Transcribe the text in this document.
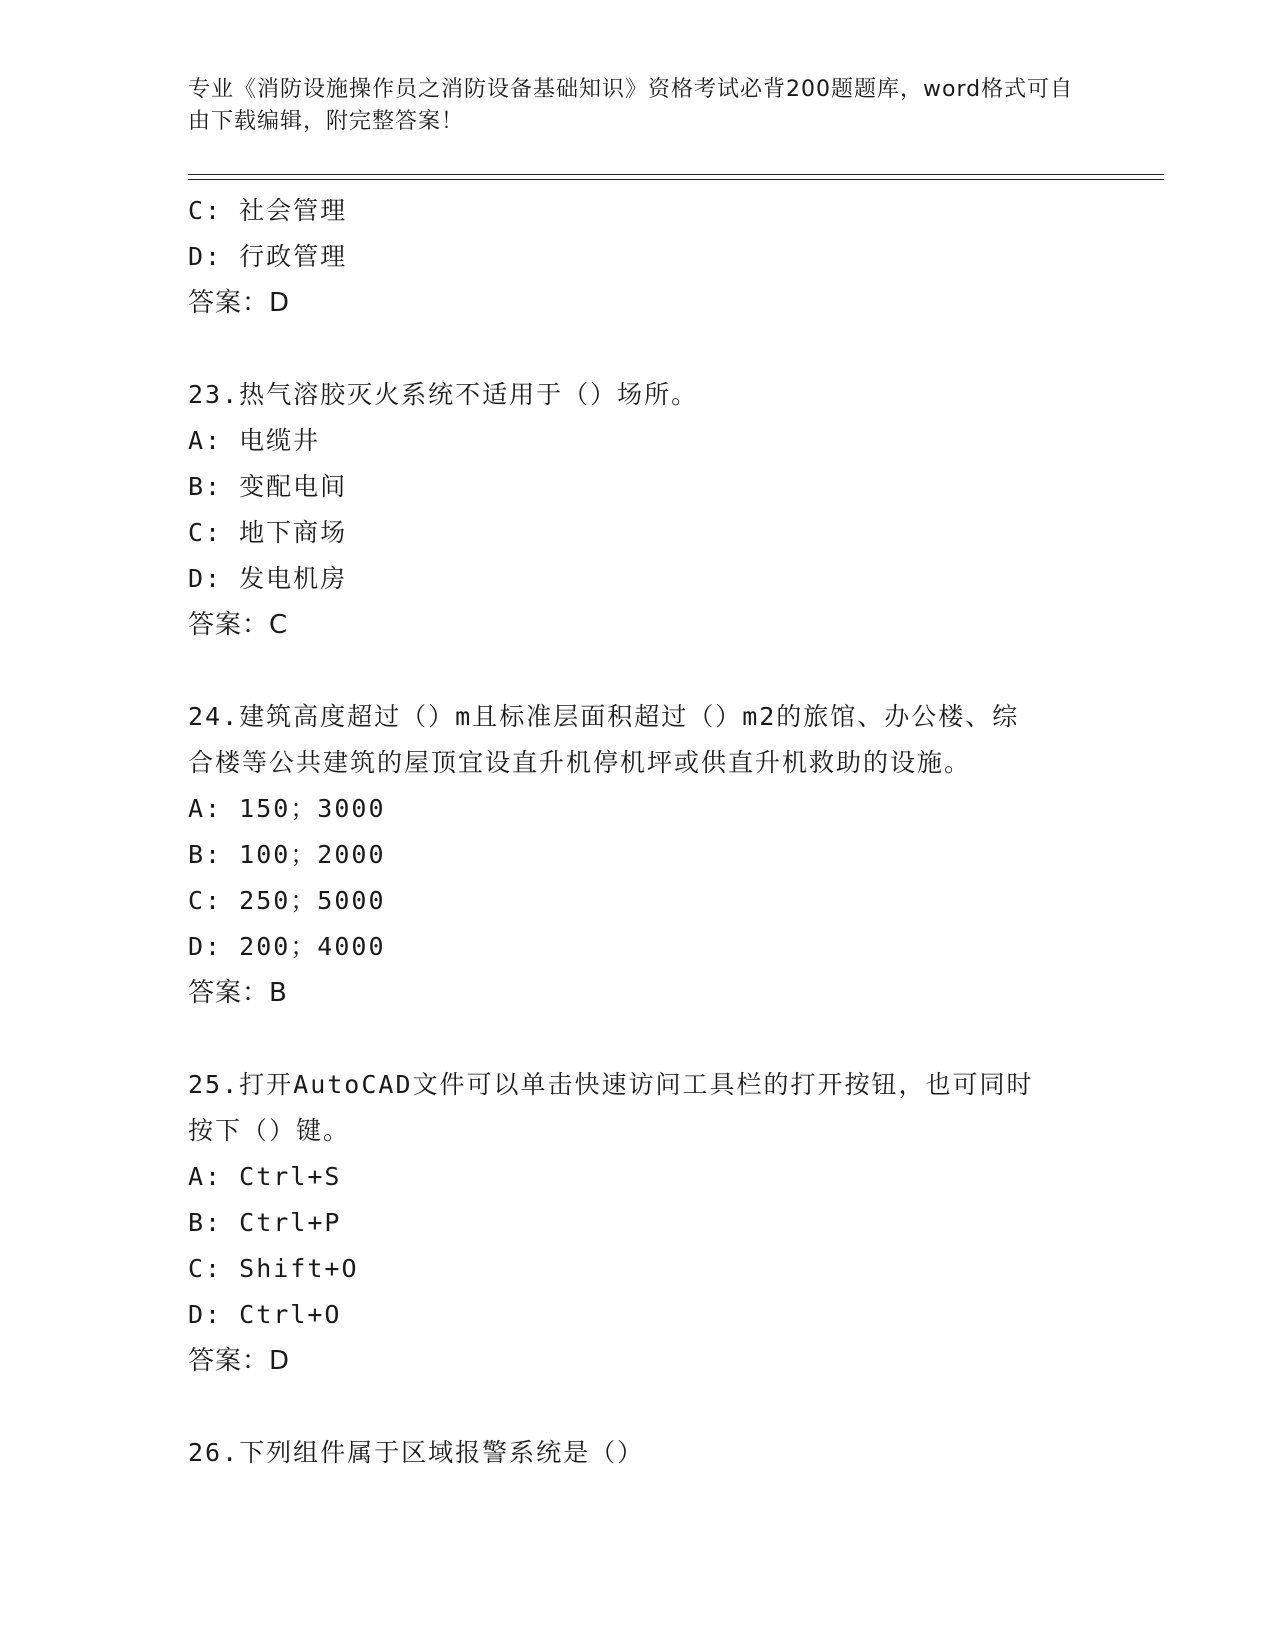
专业《消防设施操作员之消防设备基础知识》资格考试必背200题题库，word格式可自由下载编辑，附完整答案！
C: 社会管理
D: 行政管理
答案：D
23.热气溶胶灭火系统不适用于（）场所。
A: 电缆井
B: 变配电间
C: 地下商场
D: 发电机房
答案：C
24.建筑高度超过（）m且标准层面积超过（）m2的旅馆、办公楼、综
合楼等公共建筑的屋顶宜设直升机停机坪或供直升机救助的设施。
A: 150；3000
B: 100；2000
C: 250；5000
D: 200；4000
答案：B
25.打开AutoCAD文件可以单击快速访问工具栏的打开按钮，也可同时
按下（）键。
A: Ctrl+S
B: Ctrl+P
C: Shift+O
D: Ctrl+O
答案：D
26.下列组件属于区域报警系统是（）
